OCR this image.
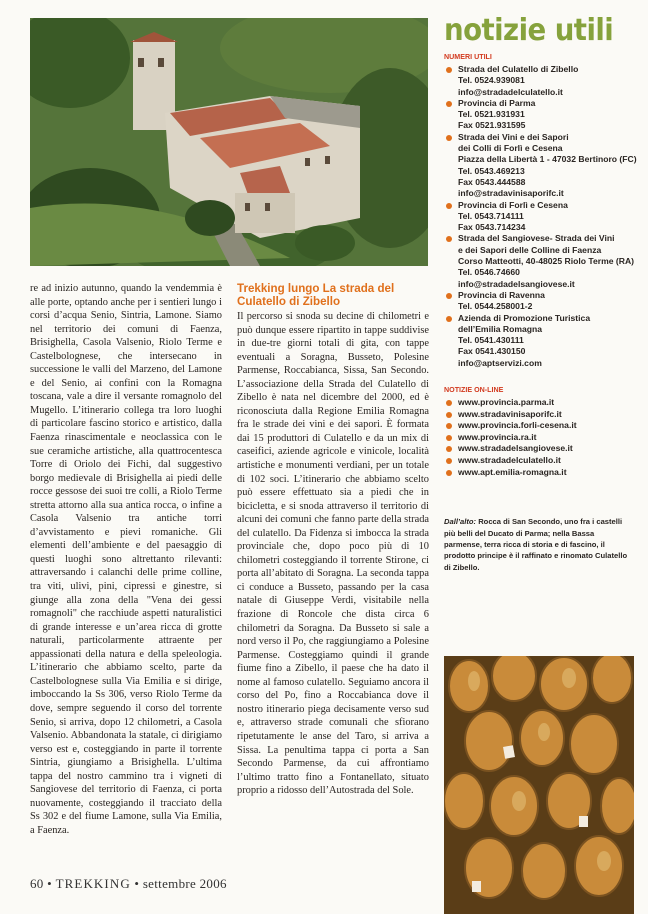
re ad inizio autunno, quando la vendemmia è alle porte, optando anche per i sentieri lungo i corsi d’acqua Senio, Sintria, Lamone. Siamo nel territorio dei comuni di Faenza, Brisighella, Casola Valsenio, Riolo Terme e Castelbolognese, che intersecano in successione le valli del Marzeno, del Lamone e del Senio, ai confini con la Romagna toscana, vale a dire il versante romagnolo del Mugello. L’itinerario collega tra loro luoghi di particolare fascino storico e artistico, dalla Faenza rinascimentale e neoclassica con le sue ceramiche artistiche, alla quattrocentesca Torre di Oriolo dei Fichi, dal suggestivo borgo medievale di Brisighella ai piedi delle rocce gessose dei suoi tre colli, a Riolo Terme stretta attorno alla sua antica rocca, o infine a Casola Valsenio tra antiche torri d’avvistamento e pievi romaniche. Gli elementi dell’ambiente e del paesaggio di questi luoghi sono altrettanto rilevanti: attraversando i calanchi delle prime colline, tra viti, ulivi, pini, cipressi e ginestre, si giunge alla zona della "Vena dei gessi romagnoli" che racchiude aspetti naturalistici di grande interesse e un’area ricca di grotte naturali, particolarmente attraente per appassionati della natura e della speleologia. L’itinerario che abbiamo scelto, parte da Castelbolognese sulla Via Emilia e si dirige, imboccando la Ss 306, verso Riolo Terme da dove, sempre seguendo il corso del torrente Senio, si arriva, dopo 12 chilometri, a Casola Valsenio. Abbandonata la statale, ci dirigiamo verso est e, costeggiando in parte il torrente Sintria, giungiamo a Brisighella. L’ultima tappa del nostro cammino tra i vigneti di Sangiovese del territorio di Faenza, ci porta nuovamente, costeggiando il tracciato della Ss 302 e del fiume Lamone, sulla Via Emilia, a Faenza.

Trekking lungo La strada del Culatello di Zibello

Il percorso si snoda su decine di chilometri e può dunque essere ripartito in tappe suddivise in due-tre giorni totali di gita, con tappe eventuali a Soragna, Busseto, Polesine Parmense, Roccabianca, Sissa, San Secondo. L’associazione della Strada del Culatello di Zibello è nata nel dicembre del 2000, ed è riconosciuta dalla Regione Emilia Romagna fra le strade dei vini e dei sapori. È formata dai 15 produttori di Culatello e da un mix di caseifici, aziende agricole e vinicole, località artistiche e monumenti verdiani, per un totale di 102 soci. L’itinerario che abbiamo scelto può essere effettuato sia a piedi che in bicicletta, e si snoda attraverso il territorio di alcuni dei comuni che fanno parte della strada del culatello. Da Fidenza si imbocca la strada provinciale che, dopo poco più di 10 chilometri costeggiando il torrente Stirone, ci porta all’abitato di Soragna. La seconda tappa ci conduce a Busseto, passando per la casa natale di Giuseppe Verdi, visitabile nella frazione di Roncole che dista circa 6 chilometri da Soragna. Da Busseto si sale a nord verso il Po, che raggiungiamo a Polesine Parmense. Costeggiamo quindi il grande fiume fino a Zibello, il paese che ha dato il nome al famoso culatello. Seguiamo ancora il corso del Po, fino a Roccabianca dove il nostro itinerario piega decisamente verso sud e, attraverso strade comunali che sfiorano ripetutamente le anse del Taro, si arriva a Sissa. La penultima tappa ci porta a San Secondo Parmense, da cui affrontiamo l’ultimo tratto fino a Fontanellato, situato proprio a ridosso dell’Autostrada del Sole.

notizie utili
NUMERI UTILI
Strada del Culatello di Zibello
Tel. 0524.939081
info@stradadelculatello.it
Provincia di Parma
Tel. 0521.931931
Fax 0521.931595
Strada dei Vini e dei Sapori
dei Colli di Forlì e Cesena
Piazza della Libertà 1 - 47032 Bertinoro (FC)
Tel. 0543.469213
Fax 0543.444588
info@stradavinisaporifc.it
Provincia di Forlì e Cesena
Tel. 0543.714111
Fax 0543.714234
Strada del Sangiovese- Strada dei Vini
e dei Sapori delle Colline di Faenza
Corso Matteotti, 40-48025 Riolo Terme (RA)
Tel. 0546.74660
info@stradadelsangiovese.it
Provincia di Ravenna
Tel. 0544.258001-2
Azienda di Promozione Turistica
dell’Emilia Romagna
Tel. 0541.430111
Fax 0541.430150
info@aptservizi.com
NOTIZIE ON-LINE
www.provincia.parma.it
www.stradavinisaporifc.it
www.provincia.forli-cesena.it
www.provincia.ra.it
www.stradadelsangiovese.it
www.stradadelculatello.it
www.apt.emilia-romagna.it
Dall’alto: Rocca di San Secondo, uno fra i castelli più belli del Ducato di Parma; nella Bassa parmense, terra ricca di storia e di fascino, il prodotto principe è il raffinato e rinomato Culatello di Zibello.
60 • TREKKING • settembre 2006
